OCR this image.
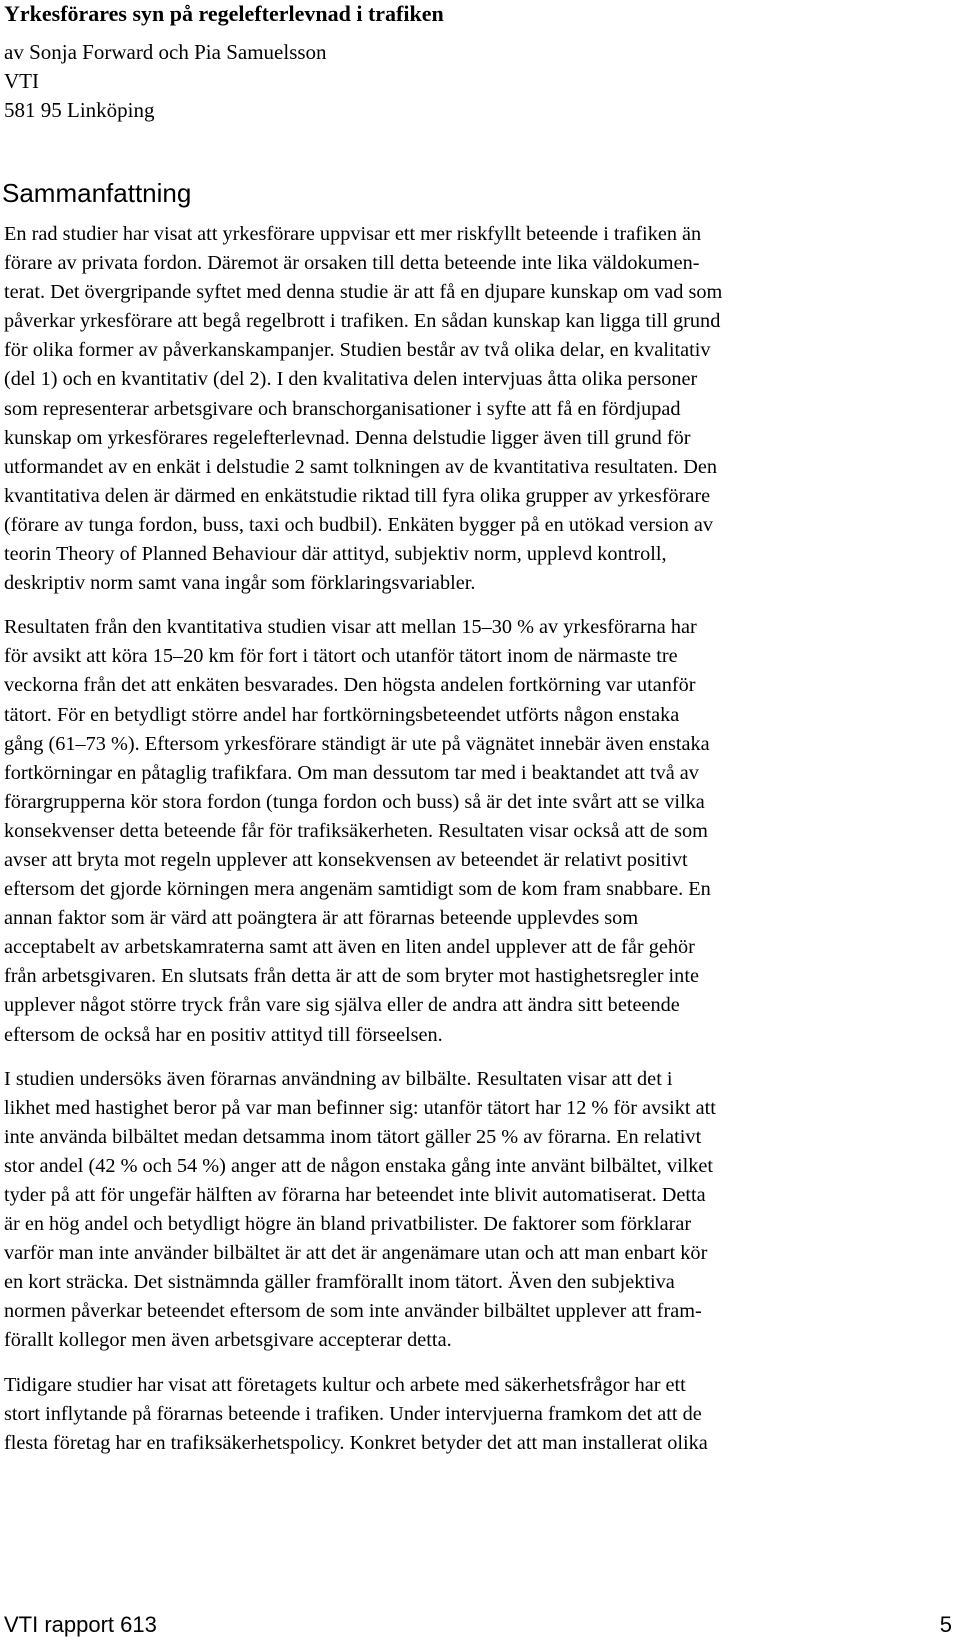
Yrkesförares syn på regelefterlevnad i trafiken
av Sonja Forward och Pia Samuelsson
VTI
581 95 Linköping
Sammanfattning
En rad studier har visat att yrkesförare uppvisar ett mer riskfyllt beteende i trafiken än
förare av privata fordon. Däremot är orsaken till detta beteende inte lika väldokumen-
terat. Det övergripande syftet med denna studie är att få en djupare kunskap om vad som
påverkar yrkesförare att begå regelbrott i trafiken. En sådan kunskap kan ligga till grund
för olika former av påverkanskampanjer. Studien består av två olika delar, en kvalitativ
(del 1) och en kvantitativ (del 2). I den kvalitativa delen intervjuas åtta olika personer
som representerar arbetsgivare och branschorganisationer i syfte att få en fördjupad
kunskap om yrkesförares regelefterlevnad. Denna delstudie ligger även till grund för
utformandet av en enkät i delstudie 2 samt tolkningen av de kvantitativa resultaten. Den
kvantitativa delen är därmed en enkätstudie riktad till fyra olika grupper av yrkesförare
(förare av tunga fordon, buss, taxi och budbil). Enkäten bygger på en utökad version av
teorin Theory of Planned Behaviour där attityd, subjektiv norm, upplevd kontroll,
deskriptiv norm samt vana ingår som förklaringsvariabler.
Resultaten från den kvantitativa studien visar att mellan 15–30 % av yrkesförarna har
för avsikt att köra 15–20 km för fort i tätort och utanför tätort inom de närmaste tre
veckorna från det att enkäten besvarades. Den högsta andelen fortkörning var utanför
tätort. För en betydligt större andel har fortkörningsbeteendet utförts någon enstaka
gång (61–73 %). Eftersom yrkesförare ständigt är ute på vägnätet innebär även enstaka
fortkörningar en påtaglig trafikfara. Om man dessutom tar med i beaktandet att två av
förargrupperna kör stora fordon (tunga fordon och buss) så är det inte svårt att se vilka
konsekvenser detta beteende får för trafiksäkerheten. Resultaten visar också att de som
avser att bryta mot regeln upplever att konsekvensen av beteendet är relativt positivt
eftersom det gjorde körningen mera angenäm samtidigt som de kom fram snabbare. En
annan faktor som är värd att poängtera är att förarnas beteende upplevdes som
acceptabelt av arbetskamraterna samt att även en liten andel upplever att de får gehör
från arbetsgivaren. En slutsats från detta är att de som bryter mot hastighetsregler inte
upplever något större tryck från vare sig själva eller de andra att ändra sitt beteende
eftersom de också har en positiv attityd till förseelsen.
I studien undersöks även förarnas användning av bilbälte. Resultaten visar att det i
likhet med hastighet beror på var man befinner sig: utanför tätort har 12 % för avsikt att
inte använda bilbältet medan detsamma inom tätort gäller 25 % av förarna. En relativt
stor andel (42 % och 54 %) anger att de någon enstaka gång inte använt bilbältet, vilket
tyder på att för ungefär hälften av förarna har beteendet inte blivit automatiserat. Detta
är en hög andel och betydligt högre än bland privatbilister. De faktorer som förklarar
varför man inte använder bilbältet är att det är angenämare utan och att man enbart kör
en kort sträcka. Det sistnämnda gäller framförallt inom tätort. Även den subjektiva
normen påverkar beteendet eftersom de som inte använder bilbältet upplever att fram-
förallt kollegor men även arbetsgivare accepterar detta.
Tidigare studier har visat att företagets kultur och arbete med säkerhetsfrågor har ett
stort inflytande på förarnas beteende i trafiken. Under intervjuerna framkom det att de
flesta företag har en trafiksäkerhetspolicy. Konkret betyder det att man installerat olika
VTI rapport 613	5
